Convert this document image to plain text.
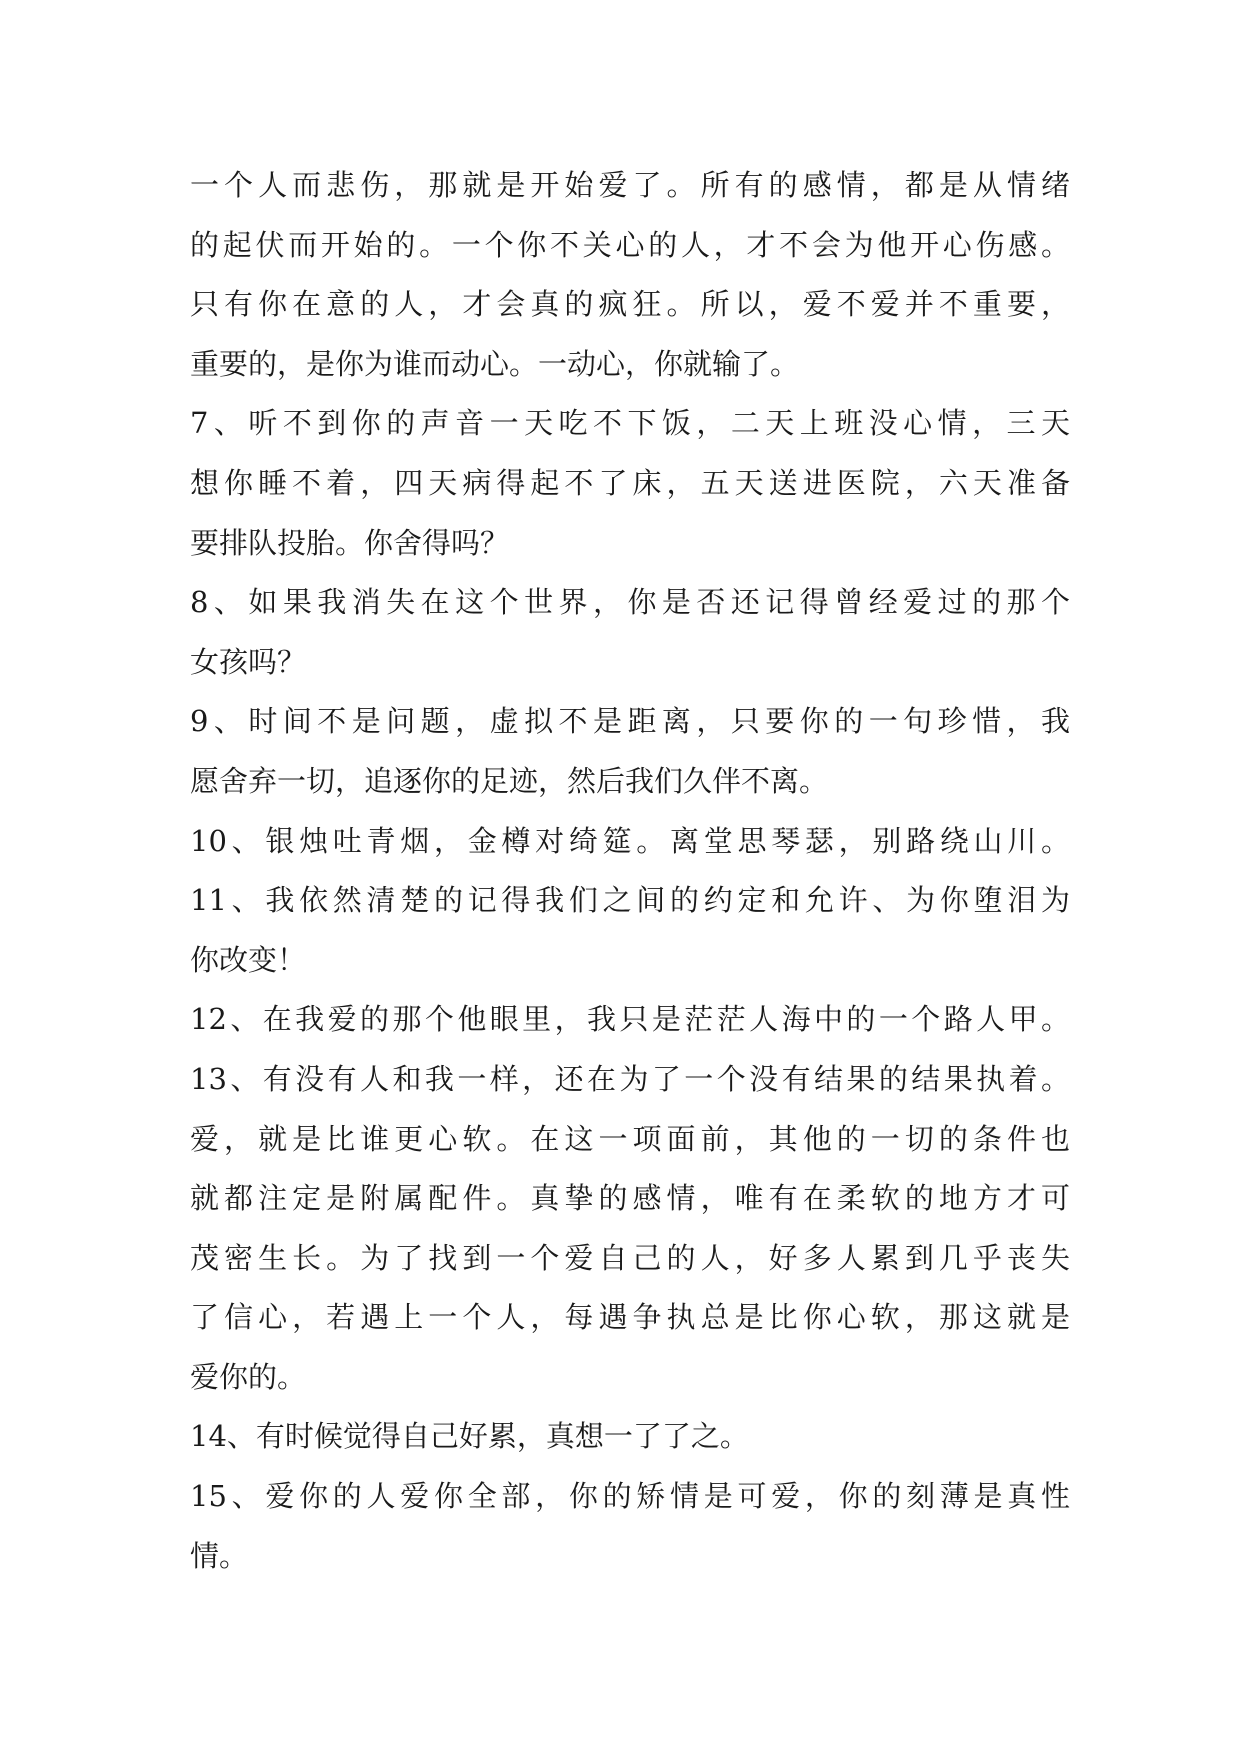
一个人而悲伤，那就是开始爱了。所有的感情，都是从情绪
的起伏而开始的。一个你不关心的人，才不会为他开心伤感。
只有你在意的人，才会真的疯狂。所以，爱不爱并不重要，
重要的，是你为谁而动心。一动心，你就输了。
7、听不到你的声音一天吃不下饭，二天上班没心情，三天
想你睡不着，四天病得起不了床，五天送进医院，六天准备
要排队投胎。你舍得吗？
8、如果我消失在这个世界，你是否还记得曾经爱过的那个
女孩吗？
9、时间不是问题，虚拟不是距离，只要你的一句珍惜，我
愿舍弃一切，追逐你的足迹，然后我们久伴不离。
10、银烛吐青烟，金樽对绮筵。离堂思琴瑟，别路绕山川。
11、我依然清楚的记得我们之间的约定和允许、为你堕泪为
你改变！
12、在我爱的那个他眼里，我只是茫茫人海中的一个路人甲。
13、有没有人和我一样，还在为了一个没有结果的结果执着。
爱，就是比谁更心软。在这一项面前，其他的一切的条件也
就都注定是附属配件。真挚的感情，唯有在柔软的地方才可
茂密生长。为了找到一个爱自己的人，好多人累到几乎丧失
了信心，若遇上一个人，每遇争执总是比你心软，那这就是
爱你的。
14、有时候觉得自己好累，真想一了了之。
15、爱你的人爱你全部，你的矫情是可爱，你的刻薄是真性
情。
